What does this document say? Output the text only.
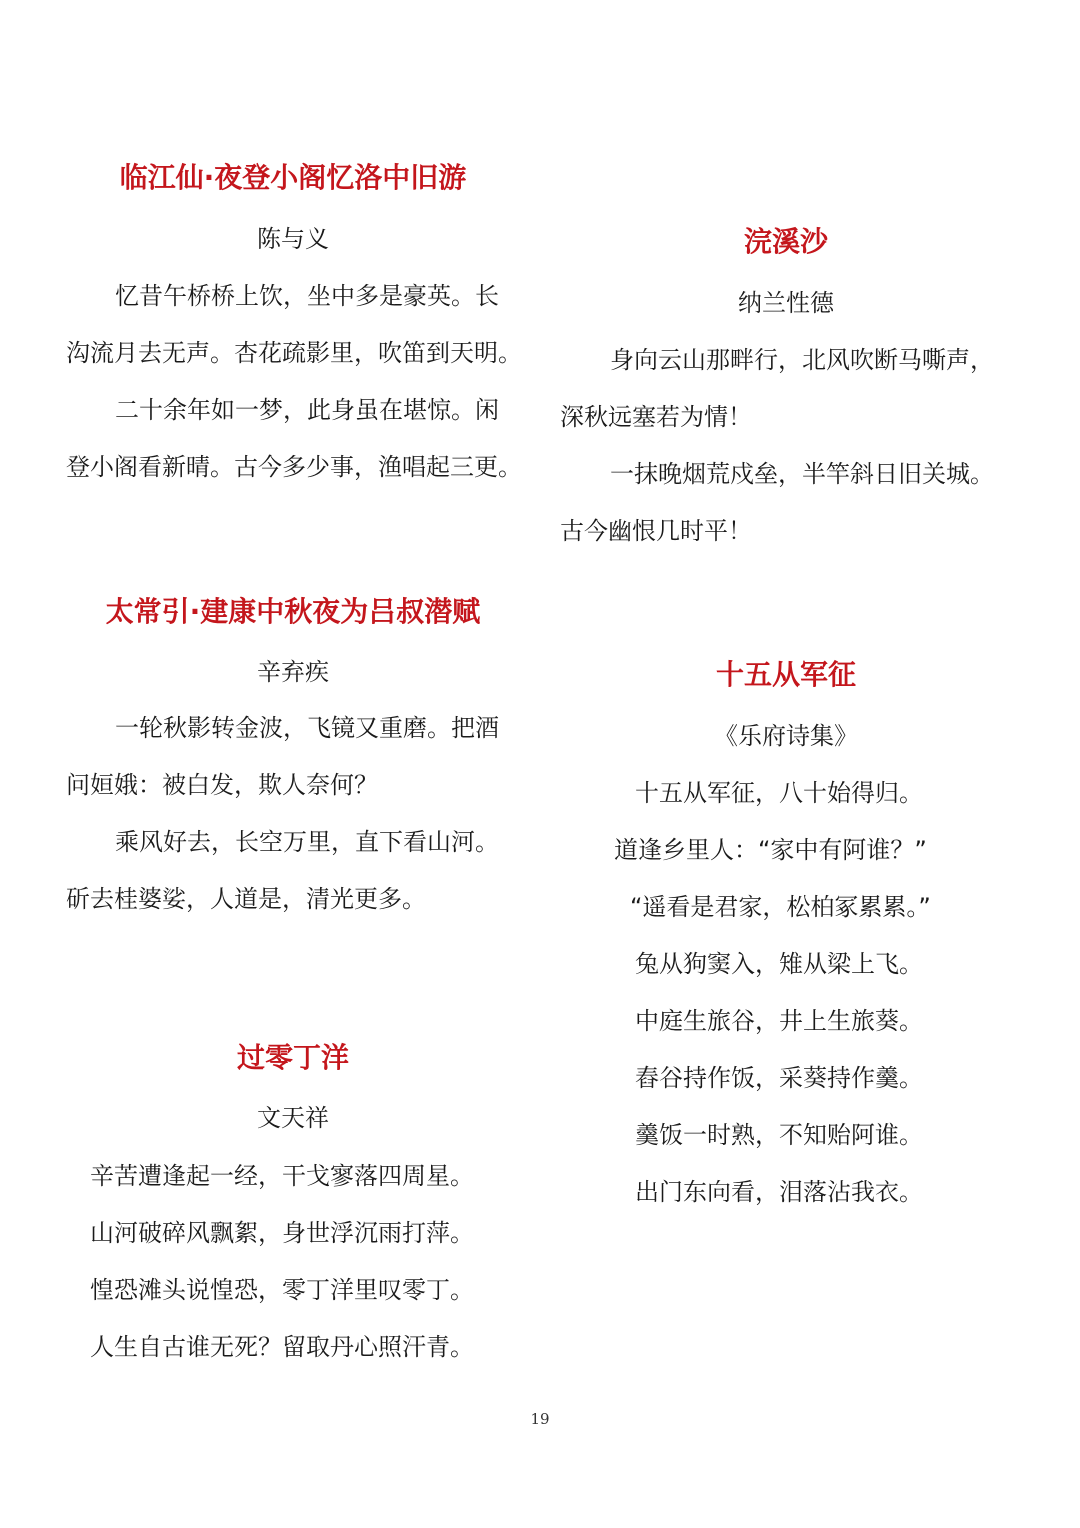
临江仙·夜登小阁忆洛中旧游
陈与义
忆昔午桥桥上饮，坐中多是豪英。长
沟流月去无声。杏花疏影里，吹笛到天明。
二十余年如一梦，此身虽在堪惊。闲
登小阁看新晴。古今多少事，渔唱起三更。
浣溪沙
纳兰性德
身向云山那畔行，北风吹断马嘶声，
深秋远塞若为情！
一抹晚烟荒戍垒，半竿斜日旧关城。
古今幽恨几时平！
太常引·建康中秋夜为吕叔潜赋
辛弃疾
一轮秋影转金波，飞镜又重磨。把酒
问姮娥：被白发，欺人奈何？
乘风好去，长空万里，直下看山河。
斫去桂婆娑，人道是，清光更多。
十五从军征
《乐府诗集》
十五从军征，八十始得归。
道逢乡里人：“家中有阿谁？”
“遥看是君家，松柏冢累累。”
兔从狗窦入，雉从梁上飞。
中庭生旅谷，井上生旅葵。
舂谷持作饭，采葵持作羹。
羹饭一时熟，不知贻阿谁。
出门东向看，泪落沾我衣。
过零丁洋
文天祥
辛苦遭逢起一经，干戈寥落四周星。
山河破碎风飘絮，身世浮沉雨打萍。
惶恐滩头说惶恐，零丁洋里叹零丁。
人生自古谁无死？留取丹心照汗青。
19
